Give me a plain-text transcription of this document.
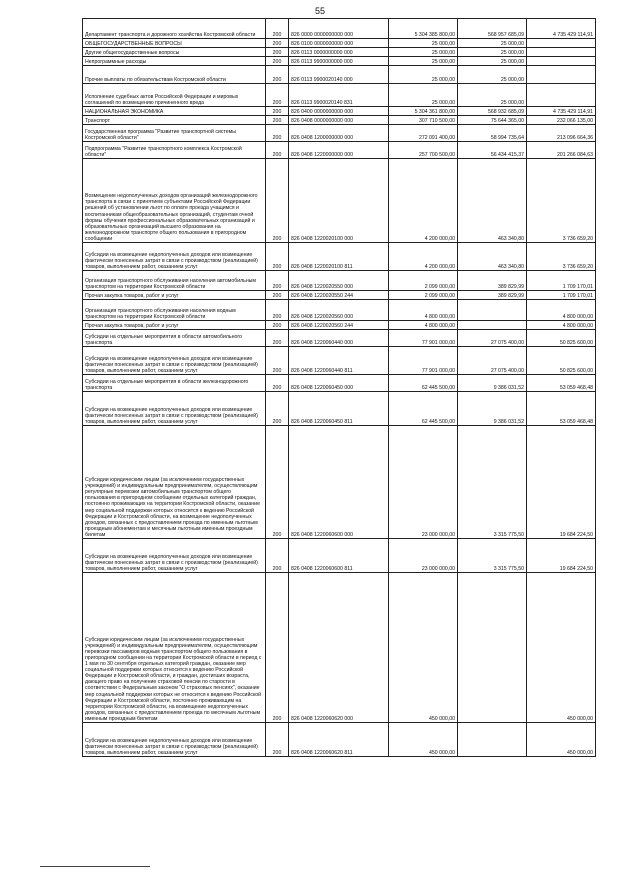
55
Департамент транспорта и дорожного хозяйства Костромской области	200	826 0000 0000000000 000	5 304 385 800,00	568 957 685,09	4 735 429 114,91
ОБЩЕГОСУДАРСТВЕННЫЕ ВОПРОСЫ	200	826 0100 0000000000 000	25 000,00	25 000,00	
Другие общегосударственные вопросы	200	826 0113 0000000000 000	25 000,00	25 000,00	
Непрограммные расходы	200	826 0113 9900000000 000	25 000,00	25 000,00	
Прочие выплаты по обязательствам Костромской области	200	826 0113 9900020140 000	25 000,00	25 000,00	
Исполнение судебных актов Российской Федерации и мировых соглашений по возмещению причиненного вреда	200	826 0113 9900020140 831	25 000,00	25 000,00	
НАЦИОНАЛЬНАЯ ЭКОНОМИКА	200	826 0400 0000000000 000	5 304 361 800,00	568 932 685,09	4 735 429 114,91
Транспорт	200	826 0408 0000000000 000	307 710 500,00	75 644 365,00	232 066 135,00
Государственная программа "Развитие транспортной системы Костромской области"	200	826 0408 1200000000 000	272 091 400,00	58 994 735,64	213 096 664,36
Подпрограмма "Развитие транспортного комплекса Костромской области"	200	826 0408 1220000000 000	257 700 500,00	56 434 415,37	201 266 084,63
Возмещение недополученных доходов организаций железнодорожного транспорта в связи с принятием субъектами Российской Федерации решений об установлении льгот по оплате проезда учащимся и воспитанникам общеобразовательных организаций, студентам очной формы обучения профессиональных образовательных организаций и образовательных организаций высшего образования на железнодорожном транспорте общего пользования в пригородном сообщении	200	826 0408 1220020100 000	4 200 000,00	463 340,80	3 736 659,20
Субсидии на возмещение недополученных доходов или возмещение фактически понесенных затрат в связи с производством (реализацией) товаров, выполнением работ, оказанием услуг	200	826 0408 1220020100 811	4 200 000,00	463 340,80	3 736 659,20
Организация транспортного обслуживания населения автомобильным транспортом на территории Костромской области	200	826 0408 1220020550 000	2 099 000,00	389 829,99	1 709 170,01
Прочая закупка товаров, работ и услуг	200	826 0408 1220020550 244	2 099 000,00	389 829,99	1 709 170,01
Организация транспортного обслуживания населения водным транспортом на территории Костромской области	200	826 0408 1220020560 000	4 800 000,00		4 800 000,00
Прочая закупка товаров, работ и услуг	200	826 0408 1220020560 244	4 800 000,00		4 800 000,00
Субсидии на отдельные мероприятия в области автомобильного транспорта	200	826 0408 1220060440 000	77 901 000,00	27 075 400,00	50 825 600,00
Субсидии на возмещение недополученных доходов или возмещение фактически понесенных затрат в связи с производством (реализацией) товаров, выполнением работ, оказанием услуг	200	826 0408 1220060440 811	77 901 000,00	27 075 400,00	50 825 600,00
Субсидии на отдельные мероприятия в области железнодорожного транспорта	200	826 0408 1220060450 000	62 445 500,00	9 386 031,52	53 059 468,48
Субсидии на возмещение недополученных доходов или возмещение фактически понесенных затрат в связи с производством (реализацией) товаров, выполнением работ, оказанием услуг	200	826 0408 1220060450 811	62 445 500,00	9 386 031,52	53 059 468,48
Субсидии юридическим лицам (за исключением государственных учреждений) и индивидуальным предпринимателям, осуществляющим регулярные перевозки автомобильным транспортом общего пользования в пригородном сообщении отдельных категорий граждан, постоянно проживающих на территории Костромской области, оказание мер социальной поддержки которых относится к ведению Российской Федерации и Костромской области, на возмещение недополученных доходов, связанных с предоставлением проезда по именным льготным проездным абонементам и месячным льготным именным проездным билетам	200	826 0408 1220060600 000	23 000 000,00	3 315 775,50	19 684 224,50
Субсидии на возмещение недополученных доходов или возмещение фактически понесенных затрат в связи с производством (реализацией) товаров, выполнением работ, оказанием услуг	200	826 0408 1220060600 811	23 000 000,00	3 315 775,50	19 684 224,50
Субсидии юридическим лицам (за исключением государственных учреждений) и индивидуальным предпринимателям, осуществляющим перевозки пассажиров водным транспортом общего пользования в пригородном сообщении на территории Костромской области в период с 1 мая по 30 сентября отдельных категорий граждан, оказание мер социальной поддержки которых относится к ведению Российской Федерации и Костромской области, и граждан, достигших возраста, дающего право на получение страховой пенсии по старости в соответствии с Федеральным законом "О страховых пенсиях", оказание мер социальной поддержки которых не относится к ведению Российской Федерации и Костромской области, постоянно проживающим на территории Костромской области, на возмещение недополученных доходов, связанных с предоставлением проезда по месячным льготным именным проездным билетам	200	826 0408 1220060620 000	450 000,00		450 000,00
Субсидии на возмещение недополученных доходов или возмещение фактически понесенных затрат в связи с производством (реализацией) товаров, выполнением работ, оказанием услуг	200	826 0408 1220060620 811	450 000,00		450 000,00
